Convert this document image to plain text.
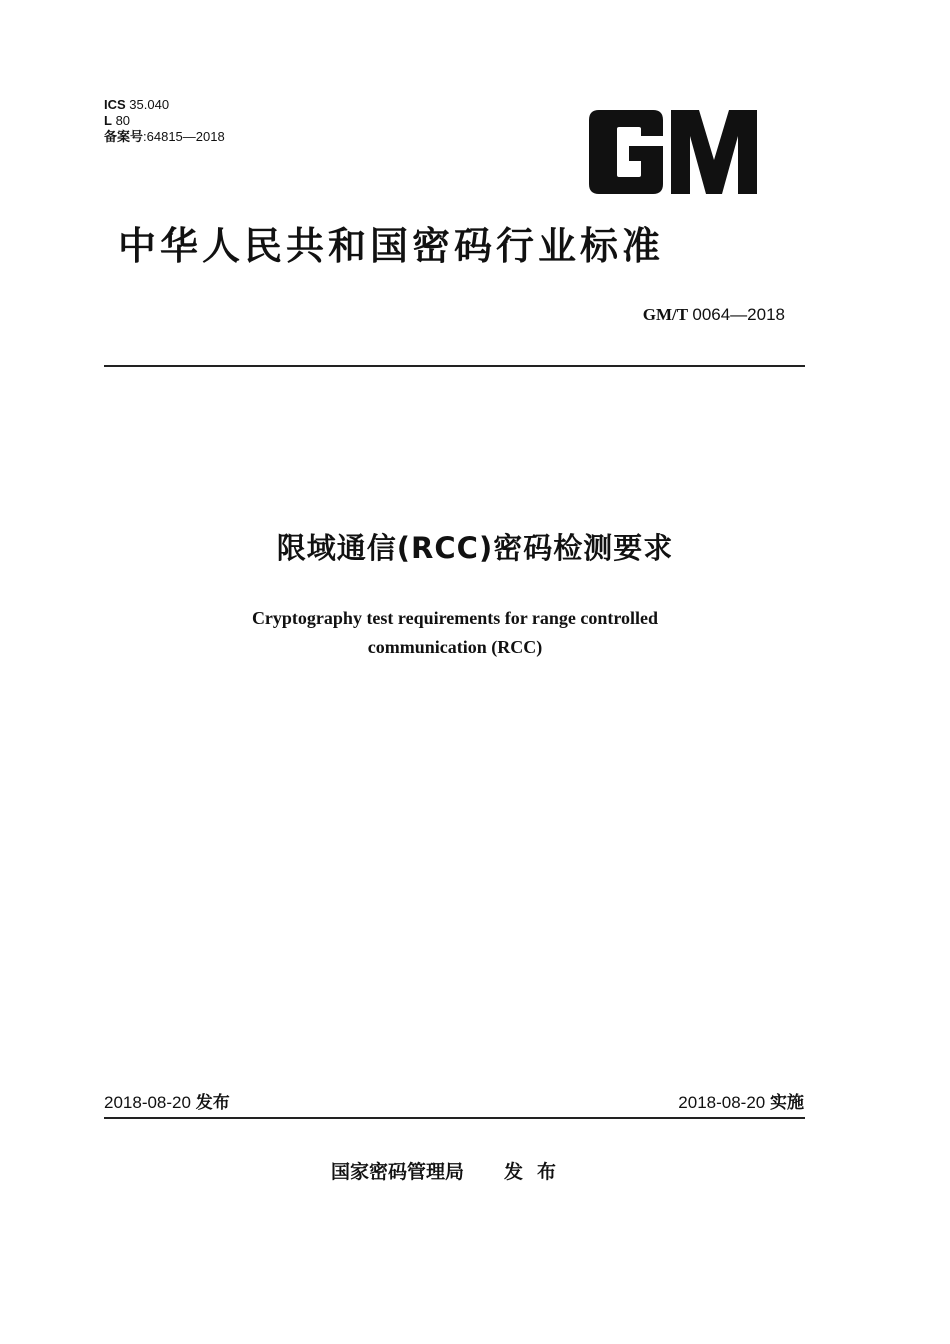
ICS 35.040
L 80
备案号:64815—2018
中华人民共和国密码行业标准
GM/T 0064—2018
限域通信(RCC)密码检测要求
Cryptography test requirements for range controlled
communication (RCC)
2018-08-20 发布	2018-08-20 实施
国家密码管理局 发布
